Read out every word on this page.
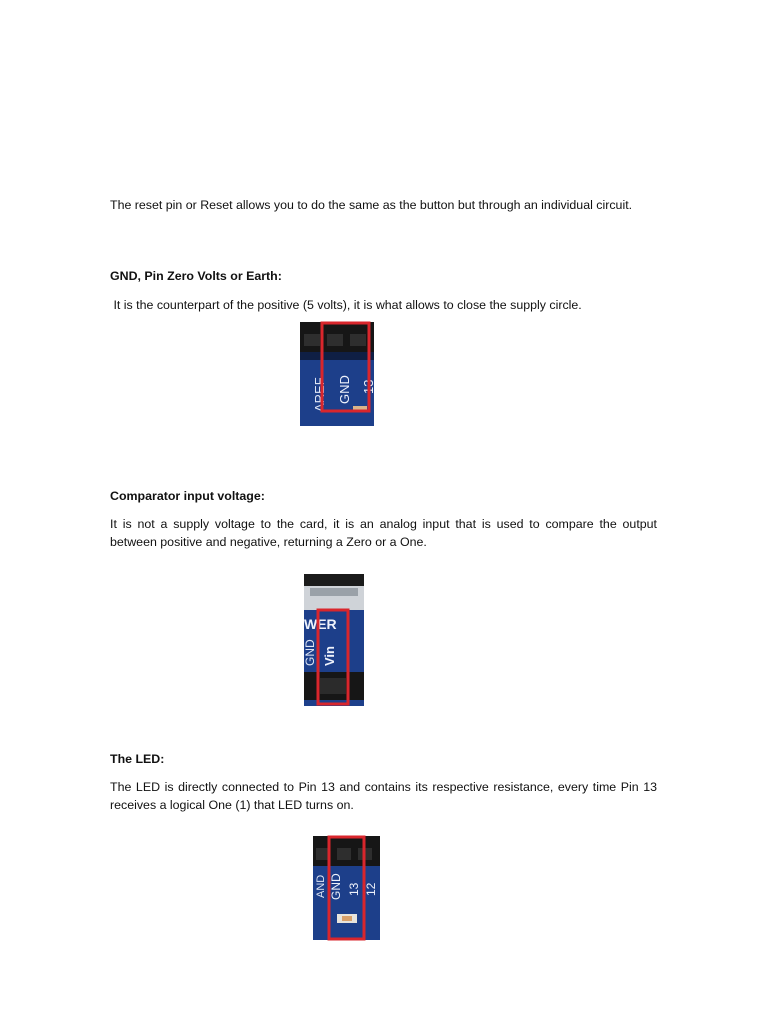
The reset pin or Reset allows you to do the same as the button but through an individual circuit.

GND, Pin Zero Volts or Earth:

It is the counterpart of the positive (5 volts), it is what allows to close the supply circle.

AREF GND 13

Comparator input voltage:

It is not a supply voltage to the card, it is an analog input that is used to compare the output between positive and negative, returning a Zero or a One.

WER
GND Vin

The LED:

The LED is directly connected to Pin 13 and contains its respective resistance, every time Pin 13 receives a logical One (1) that LED turns on.

AND GND 13 12
